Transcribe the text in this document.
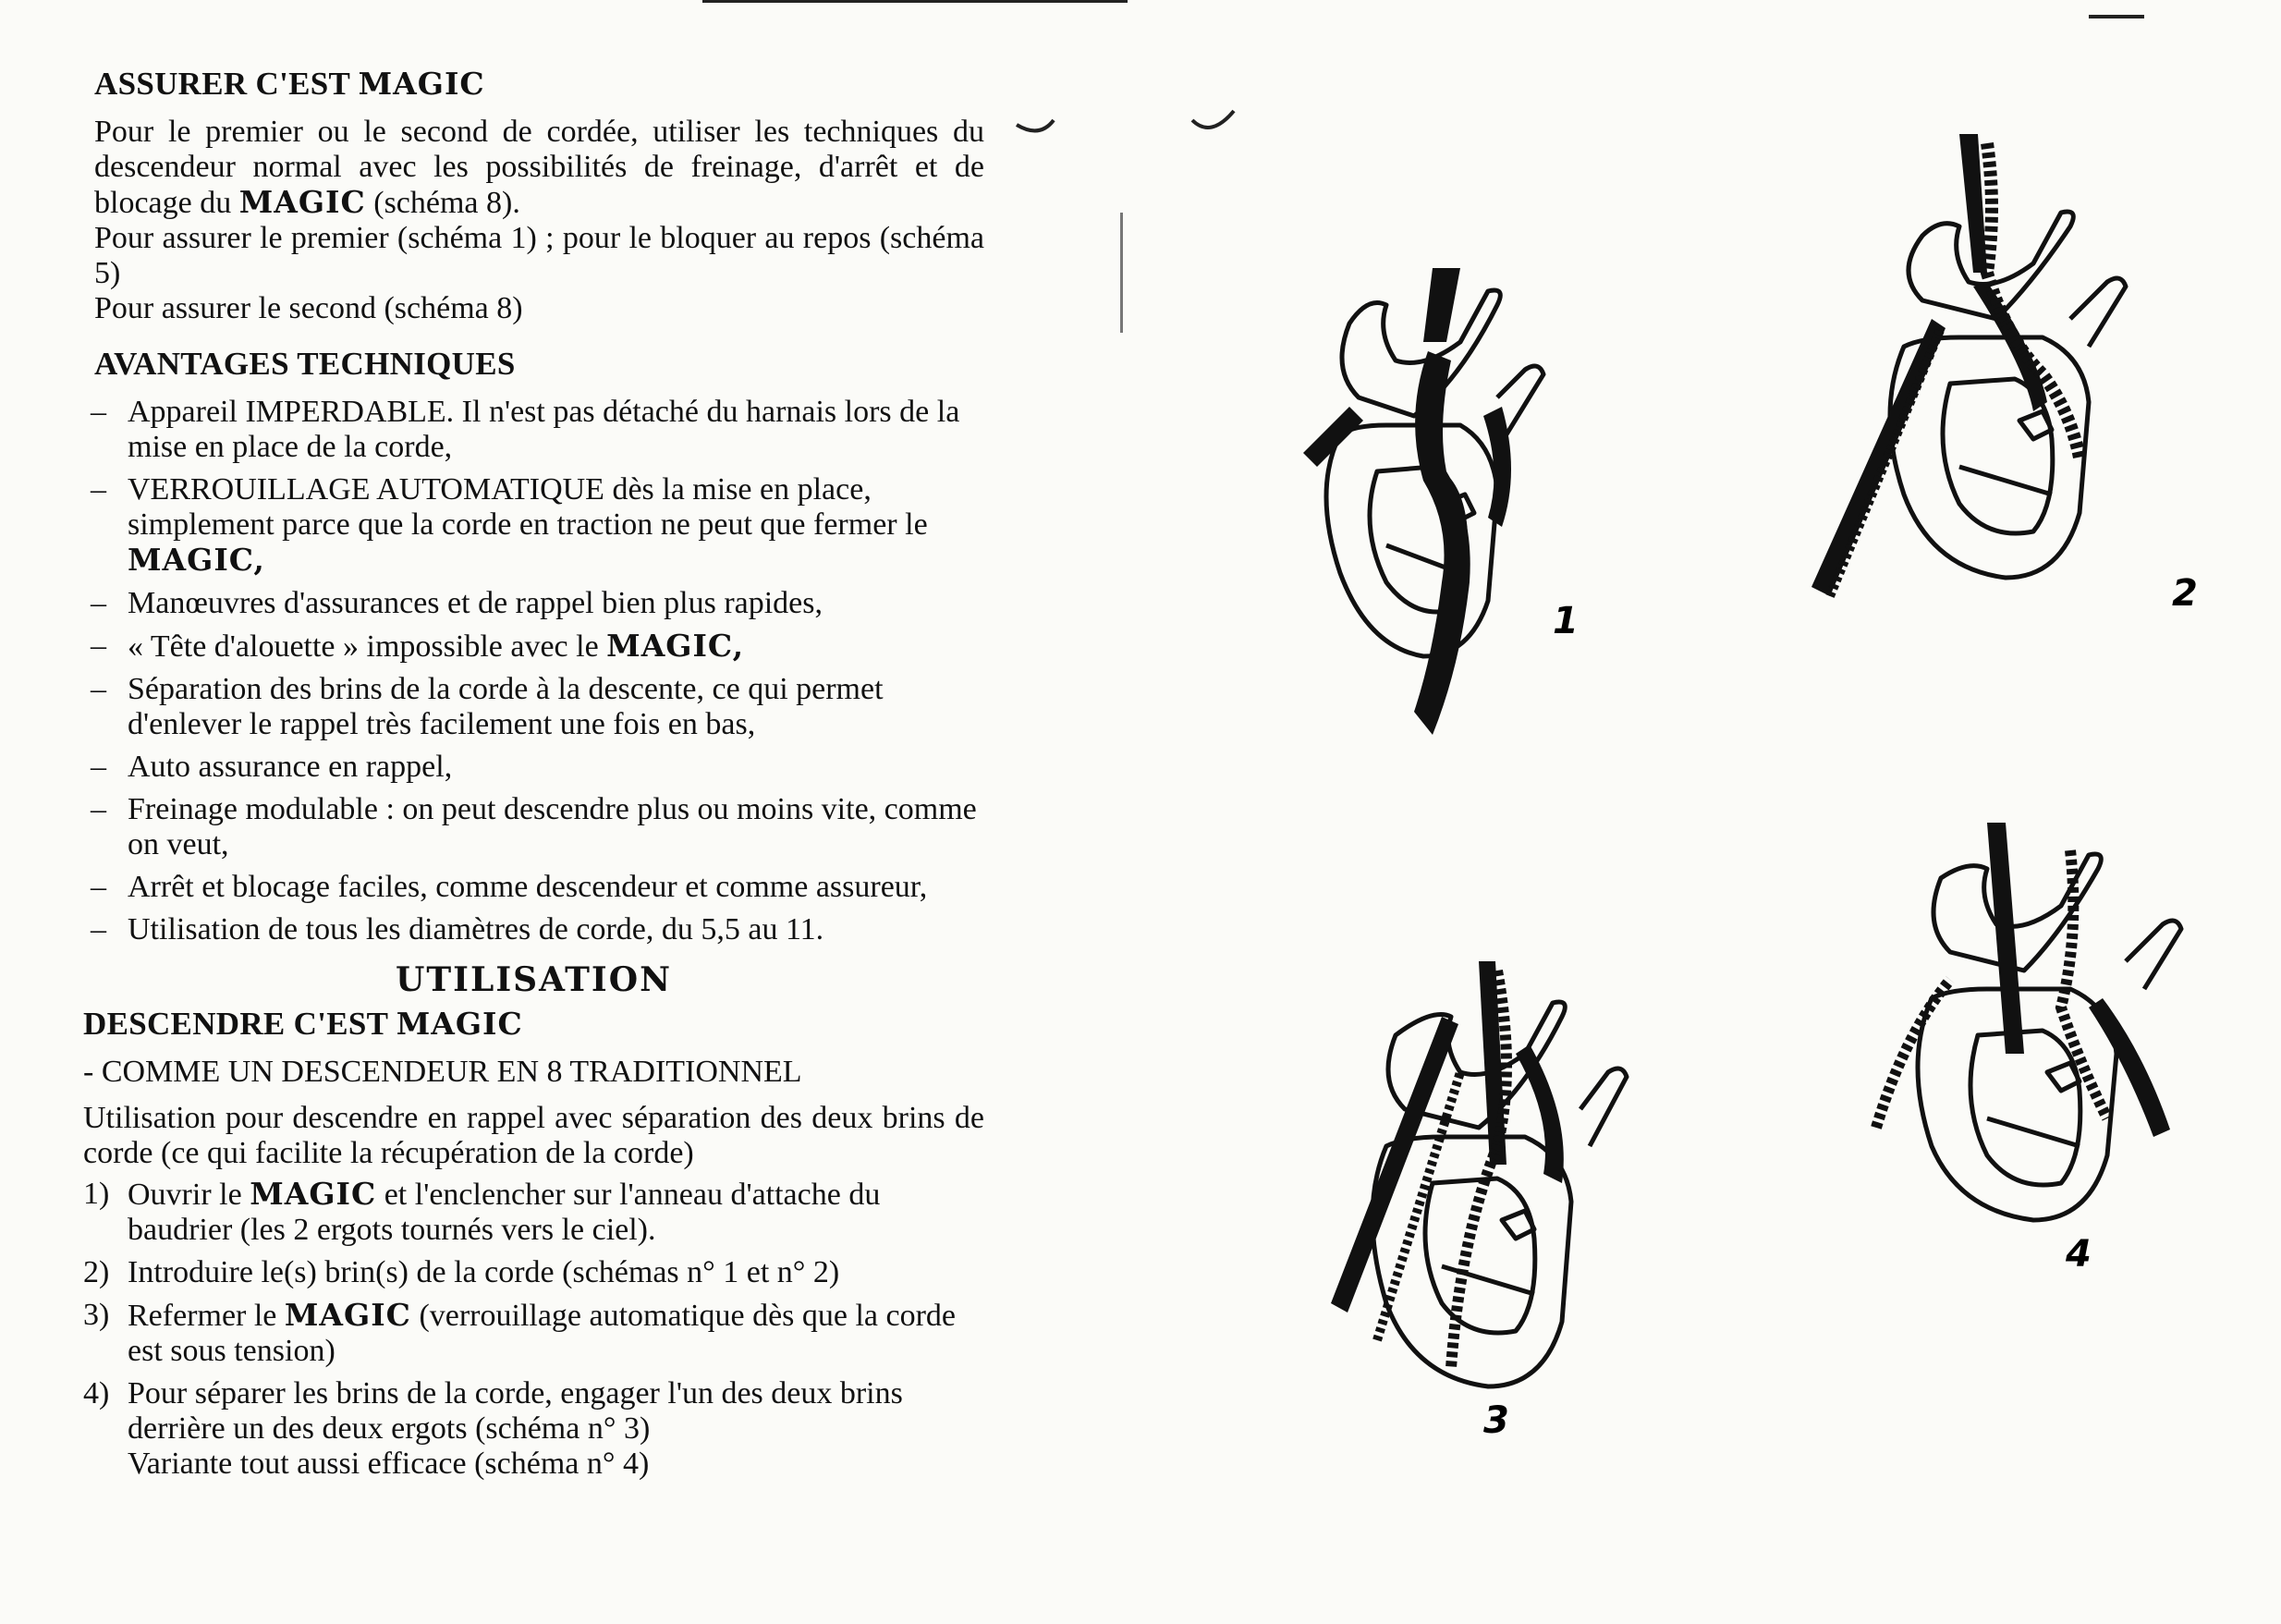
ASSURER C'EST MAGIC

Pour le premier ou le second de cordée, utiliser les techniques du descendeur normal avec les possibilités de freinage, d'arrêt et de blocage du MAGIC (schéma 8).

Pour assurer le premier (schéma 1) ; pour le bloquer au repos (schéma 5)

Pour assurer le second (schéma 8)

AVANTAGES TECHNIQUES
– Appareil IMPERDABLE. Il n'est pas détaché du harnais lors de la mise en place de la corde,
– VERROUILLAGE AUTOMATIQUE dès la mise en place, simplement parce que la corde en traction ne peut que fermer le MAGIC,
– Manœuvres d'assurances et de rappel bien plus rapides,
– « Tête d'alouette » impossible avec le MAGIC,
– Séparation des brins de la corde à la descente, ce qui permet d'enlever le rappel très facilement une fois en bas,
– Auto assurance en rappel,
– Freinage modulable : on peut descendre plus ou moins vite, comme on veut,
– Arrêt et blocage faciles, comme descendeur et comme assureur,
– Utilisation de tous les diamètres de corde, du 5,5 au 11.
UTILISATION
DESCENDRE C'EST MAGIC
- COMME UN DESCENDEUR EN 8 TRADITIONNEL
Utilisation pour descendre en rappel avec séparation des deux brins de corde (ce qui facilite la récupération de la corde)
1) Ouvrir le MAGIC et l'enclencher sur l'anneau d'attache du baudrier (les 2 ergots tournés vers le ciel).
2) Introduire le(s) brin(s) de la corde (schémas n° 1 et n° 2)
3) Refermer le MAGIC (verrouillage automatique dès que la corde est sous tension)
4) Pour séparer les brins de la corde, engager l'un des deux brins derrière un des deux ergots (schéma n° 3)
Variante tout aussi efficace (schéma n° 4)
1
2
3
4
